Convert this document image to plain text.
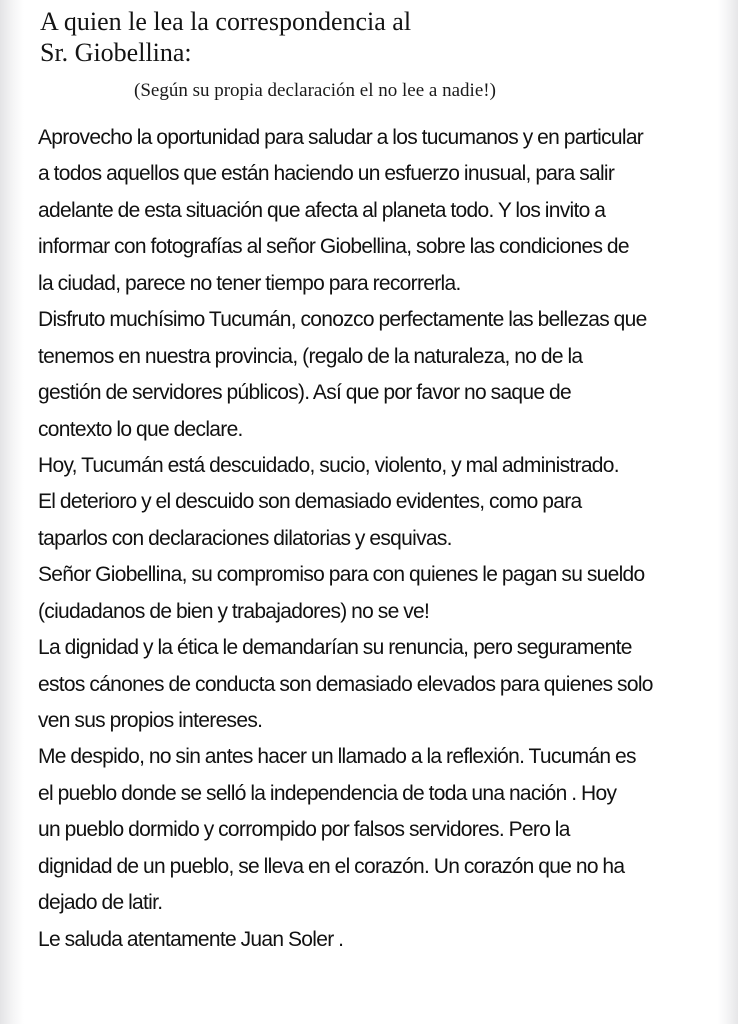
A quien le lea la correspondencia al
Sr. Giobellina:

(Según su propia declaración el no lee a nadie!)

Aprovecho la oportunidad para saludar a los tucumanos y en particular
a todos aquellos que están haciendo un esfuerzo inusual, para salir
adelante de esta situación que afecta al planeta todo. Y los invito a
informar con fotografías al señor Giobellina, sobre las condiciones de
la ciudad, parece no tener tiempo para recorrerla.
Disfruto muchísimo Tucumán, conozco perfectamente las bellezas que
tenemos en nuestra provincia, (regalo de la naturaleza, no de la
gestión de servidores públicos). Así que por favor no saque de
contexto lo que declare.
Hoy, Tucumán está descuidado, sucio, violento, y mal administrado.
El deterioro y el descuido son demasiado evidentes, como para
taparlos con declaraciones dilatorias y esquivas.
Señor Giobellina, su compromiso para con quienes le pagan su sueldo
(ciudadanos de bien y trabajadores) no se ve!
La dignidad y la ética le demandarían su renuncia, pero seguramente
estos cánones de conducta son demasiado elevados para quienes solo
ven sus propios intereses.
Me despido, no sin antes hacer un llamado a la reflexión. Tucumán es
el pueblo donde se selló la independencia de toda una nación . Hoy
un pueblo dormido y corrompido por falsos servidores. Pero la
dignidad de un pueblo, se lleva en el corazón. Un corazón que no ha
dejado de latir.
Le saluda atentamente Juan Soler .
